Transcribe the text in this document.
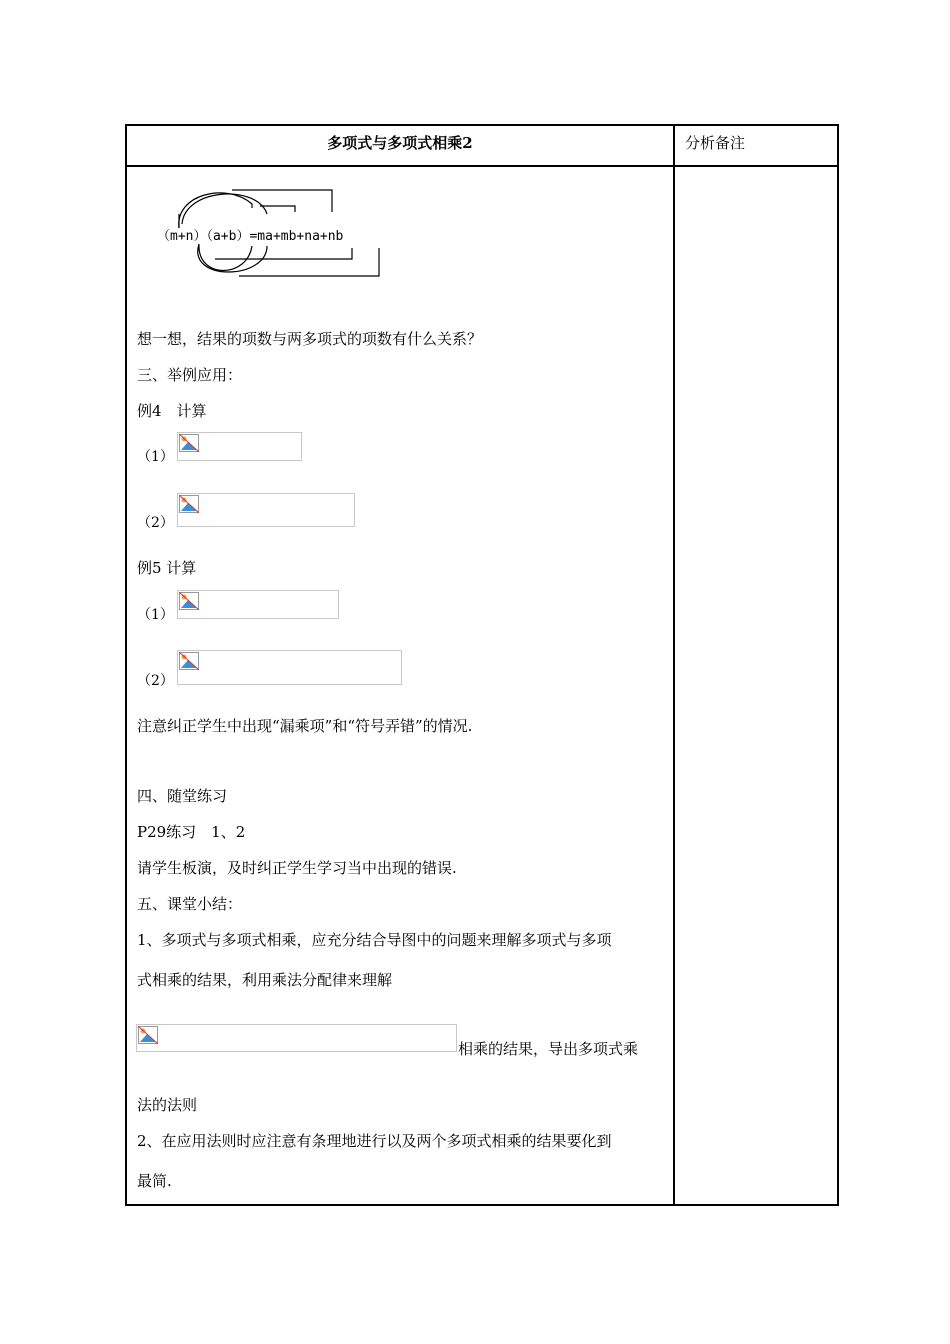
多项式与多项式相乘2	分析备注
（m+n）（a+b）=ma+mb+na+nb
想一想，结果的项数与两多项式的项数有什么关系？
三、举例应用：
例4　计算
（1）
（2）
例5 计算
（1）
（2）
注意纠正学生中出现“漏乘项”和“符号弄错”的情况.
四、随堂练习
P29练习　1、2
请学生板演，及时纠正学生学习当中出现的错误.
五、课堂小结：
1、多项式与多项式相乘，应充分结合导图中的问题来理解多项式与多项
式相乘的结果，利用乘法分配律来理解
相乘的结果，导出多项式乘
法的法则
2、在应用法则时应注意有条理地进行以及两个多项式相乘的结果要化到
最简.
